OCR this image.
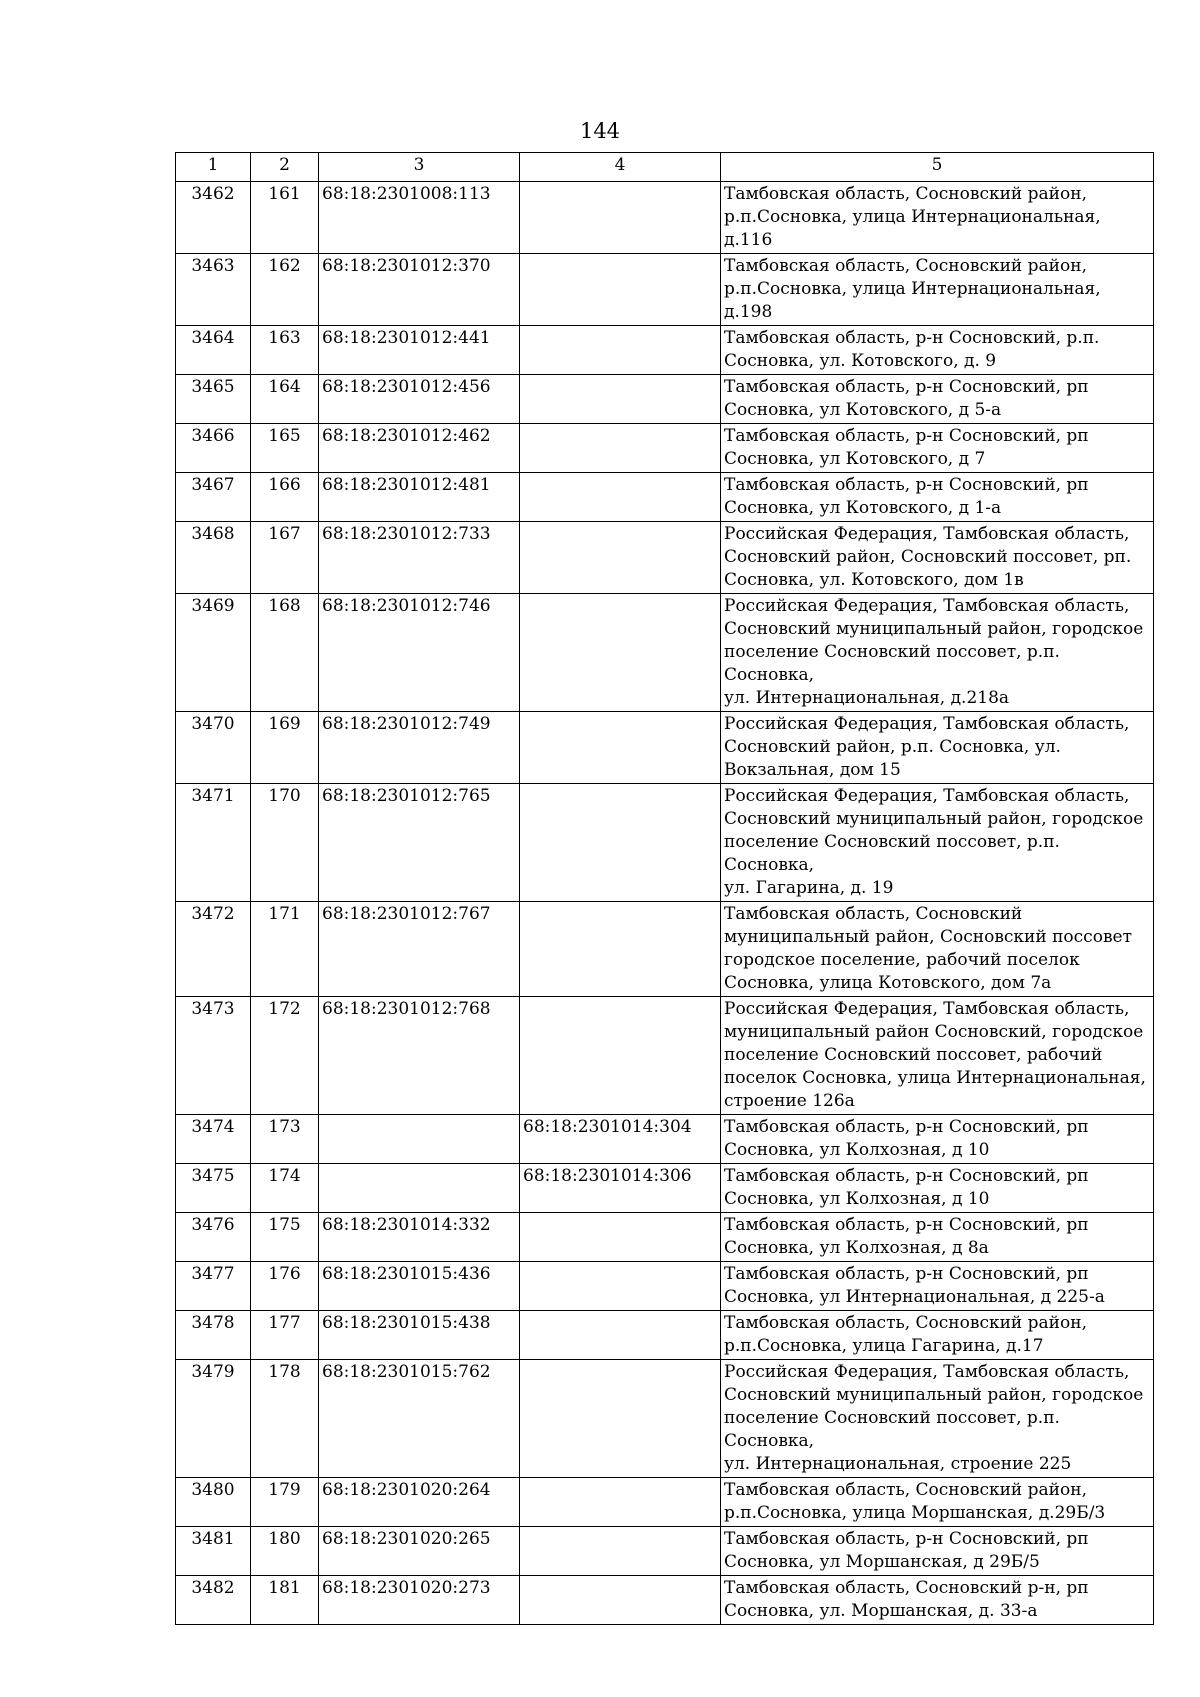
144
1	2	3	4	5
3462	161	68:18:2301008:113		Тамбовская область, Сосновский район,
р.п.Сосновка, улица Интернациональная, д.116

3463	162	68:18:2301012:370		Тамбовская область, Сосновский район,
р.п.Сосновка, улица Интернациональная, д.198

3464	163	68:18:2301012:441		Тамбовская область, р-н Сосновский, р.п.
Сосновка, ул. Котовского, д. 9

3465	164	68:18:2301012:456		Тамбовская область, р-н Сосновский, рп
Сосновка, ул Котовского, д 5-а

3466	165	68:18:2301012:462		Тамбовская область, р-н Сосновский, рп
Сосновка, ул Котовского, д 7

3467	166	68:18:2301012:481		Тамбовская область, р-н Сосновский, рп
Сосновка, ул Котовского, д 1-а

3468	167	68:18:2301012:733		Российская Федерация, Тамбовская область,
Сосновский район, Сосновский поссовет, рп.
Сосновка, ул. Котовского, дом 1в

3469	168	68:18:2301012:746		Российская Федерация, Тамбовская область,
Сосновский муниципальный район, городское
поселение Сосновский поссовет, р.п. Сосновка,
ул. Интернациональная, д.218а

3470	169	68:18:2301012:749		Российская Федерация, Тамбовская область,
Сосновский район, р.п. Сосновка, ул.
Вокзальная, дом 15

3471	170	68:18:2301012:765		Российская Федерация, Тамбовская область,
Сосновский муниципальный район, городское
поселение Сосновский поссовет, р.п. Сосновка,
ул. Гагарина, д. 19

3472	171	68:18:2301012:767		Тамбовская область, Сосновский
муниципальный район, Сосновский поссовет
городское поселение, рабочий поселок
Сосновка, улица Котовского, дом 7а

3473	172	68:18:2301012:768		Российская Федерация, Тамбовская область,
муниципальный район Сосновский, городское
поселение Сосновский поссовет, рабочий
поселок Сосновка, улица Интернациональная,
строение 126а

3474	173		68:18:2301014:304	Тамбовская область, р-н Сосновский, рп
Сосновка, ул Колхозная, д 10

3475	174		68:18:2301014:306	Тамбовская область, р-н Сосновский, рп
Сосновка, ул Колхозная, д 10

3476	175	68:18:2301014:332		Тамбовская область, р-н Сосновский, рп
Сосновка, ул Колхозная, д 8а

3477	176	68:18:2301015:436		Тамбовская область, р-н Сосновский, рп
Сосновка, ул Интернациональная, д 225-а

3478	177	68:18:2301015:438		Тамбовская область, Сосновский район,
р.п.Сосновка, улица Гагарина, д.17

3479	178	68:18:2301015:762		Российская Федерация, Тамбовская область,
Сосновский муниципальный район, городское
поселение Сосновский поссовет, р.п. Сосновка,
ул. Интернациональная, строение 225

3480	179	68:18:2301020:264		Тамбовская область, Сосновский район,
р.п.Сосновка, улица Моршанская, д.29Б/3

3481	180	68:18:2301020:265		Тамбовская область, р-н Сосновский, рп
Сосновка, ул Моршанская, д 29Б/5

3482	181	68:18:2301020:273		Тамбовская область, Сосновский р-н, рп
Сосновка, ул. Моршанская, д. 33-а
